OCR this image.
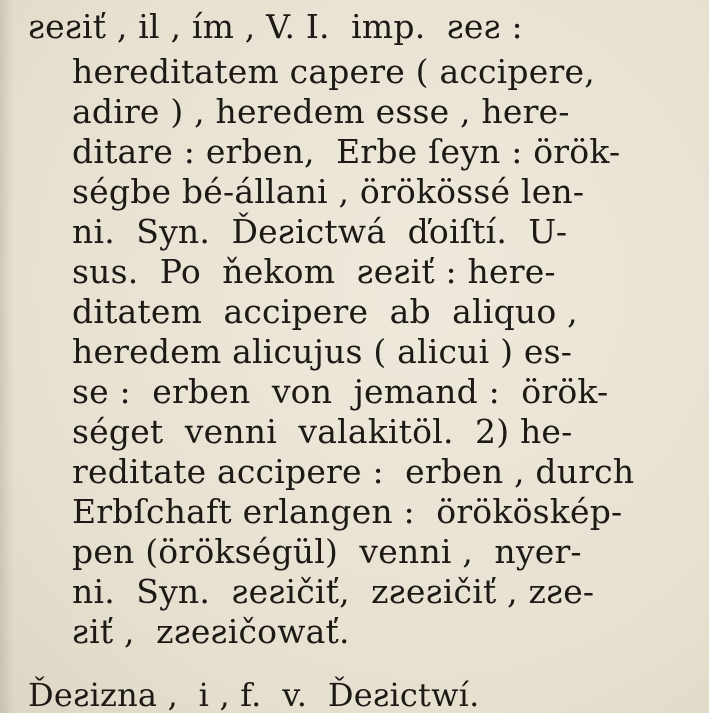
ƨeƨiť , il , ím , V. I.  imp.  ƨeƨ :
hereditatem capere ( accipere,
adire ) , heredem esse , here-
ditare : erben,  Erbe ſeyn : örök-
ségbe bé-állani , örökössé len-
ni.  Syn.  Ďeƨictwá  ďoiſtí.  U-
sus.  Po  ňekom  ƨeƨiť : here-
ditatem  accipere  ab  aliquo ,
heredem alicujus ( alicui ) es-
se :  erben  von  jemand :  örök-
séget  venni  valakitöl.  2) he-
reditate accipere :  erben , durch
Erbſchaft erlangen :  örököskép-
pen (örökségül)  venni ,  nyer-
ni.  Syn.  ƨeƨičiť,  zƨeƨičiť , zƨe-
ƨiť ,  zƨeƨičowať.
Ďeƨizna ,  i , f.  v.  Ďeƨictwí.
